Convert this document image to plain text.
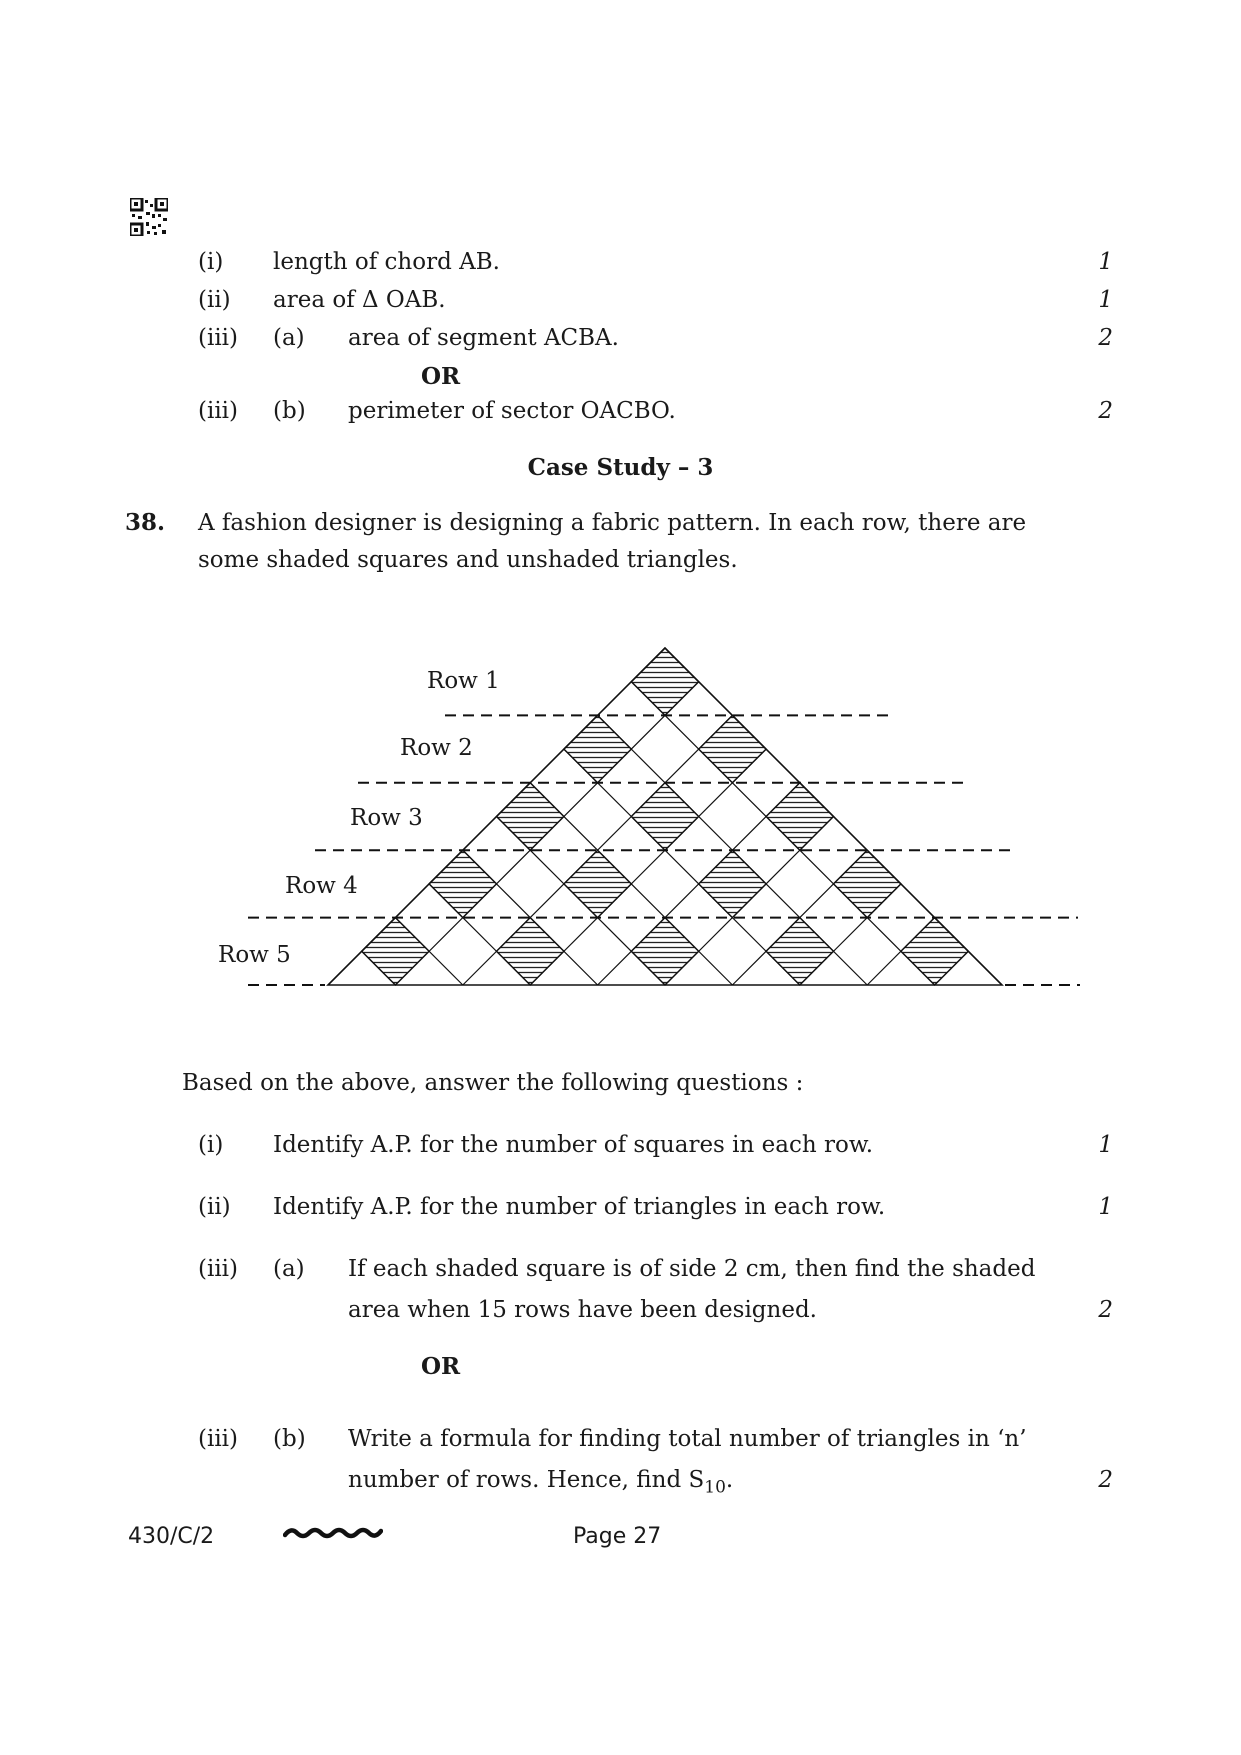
(i) length of chord AB.	1
(ii) area of Δ OAB.	1
(iii) (a) area of segment ACBA.	2
OR
(iii) (b) perimeter of sector OACBO.	2
Case Study – 3
38. A fashion designer is designing a fabric pattern. In each row, there are
some shaded squares and unshaded triangles.
Row 1
Row 2
Row 3
Row 4
Row 5
Based on the above, answer the following questions :
(i) Identify A.P. for the number of squares in each row.	1
(ii) Identify A.P. for the number of triangles in each row.	1
(iii) (a) If each shaded square is of side 2 cm, then find the shaded
area when 15 rows have been designed.	2
OR
(iii) (b) Write a formula for finding total number of triangles in ‘n’
number of rows. Hence, find $S_{10}$.	2
430/C/2	Page 27
